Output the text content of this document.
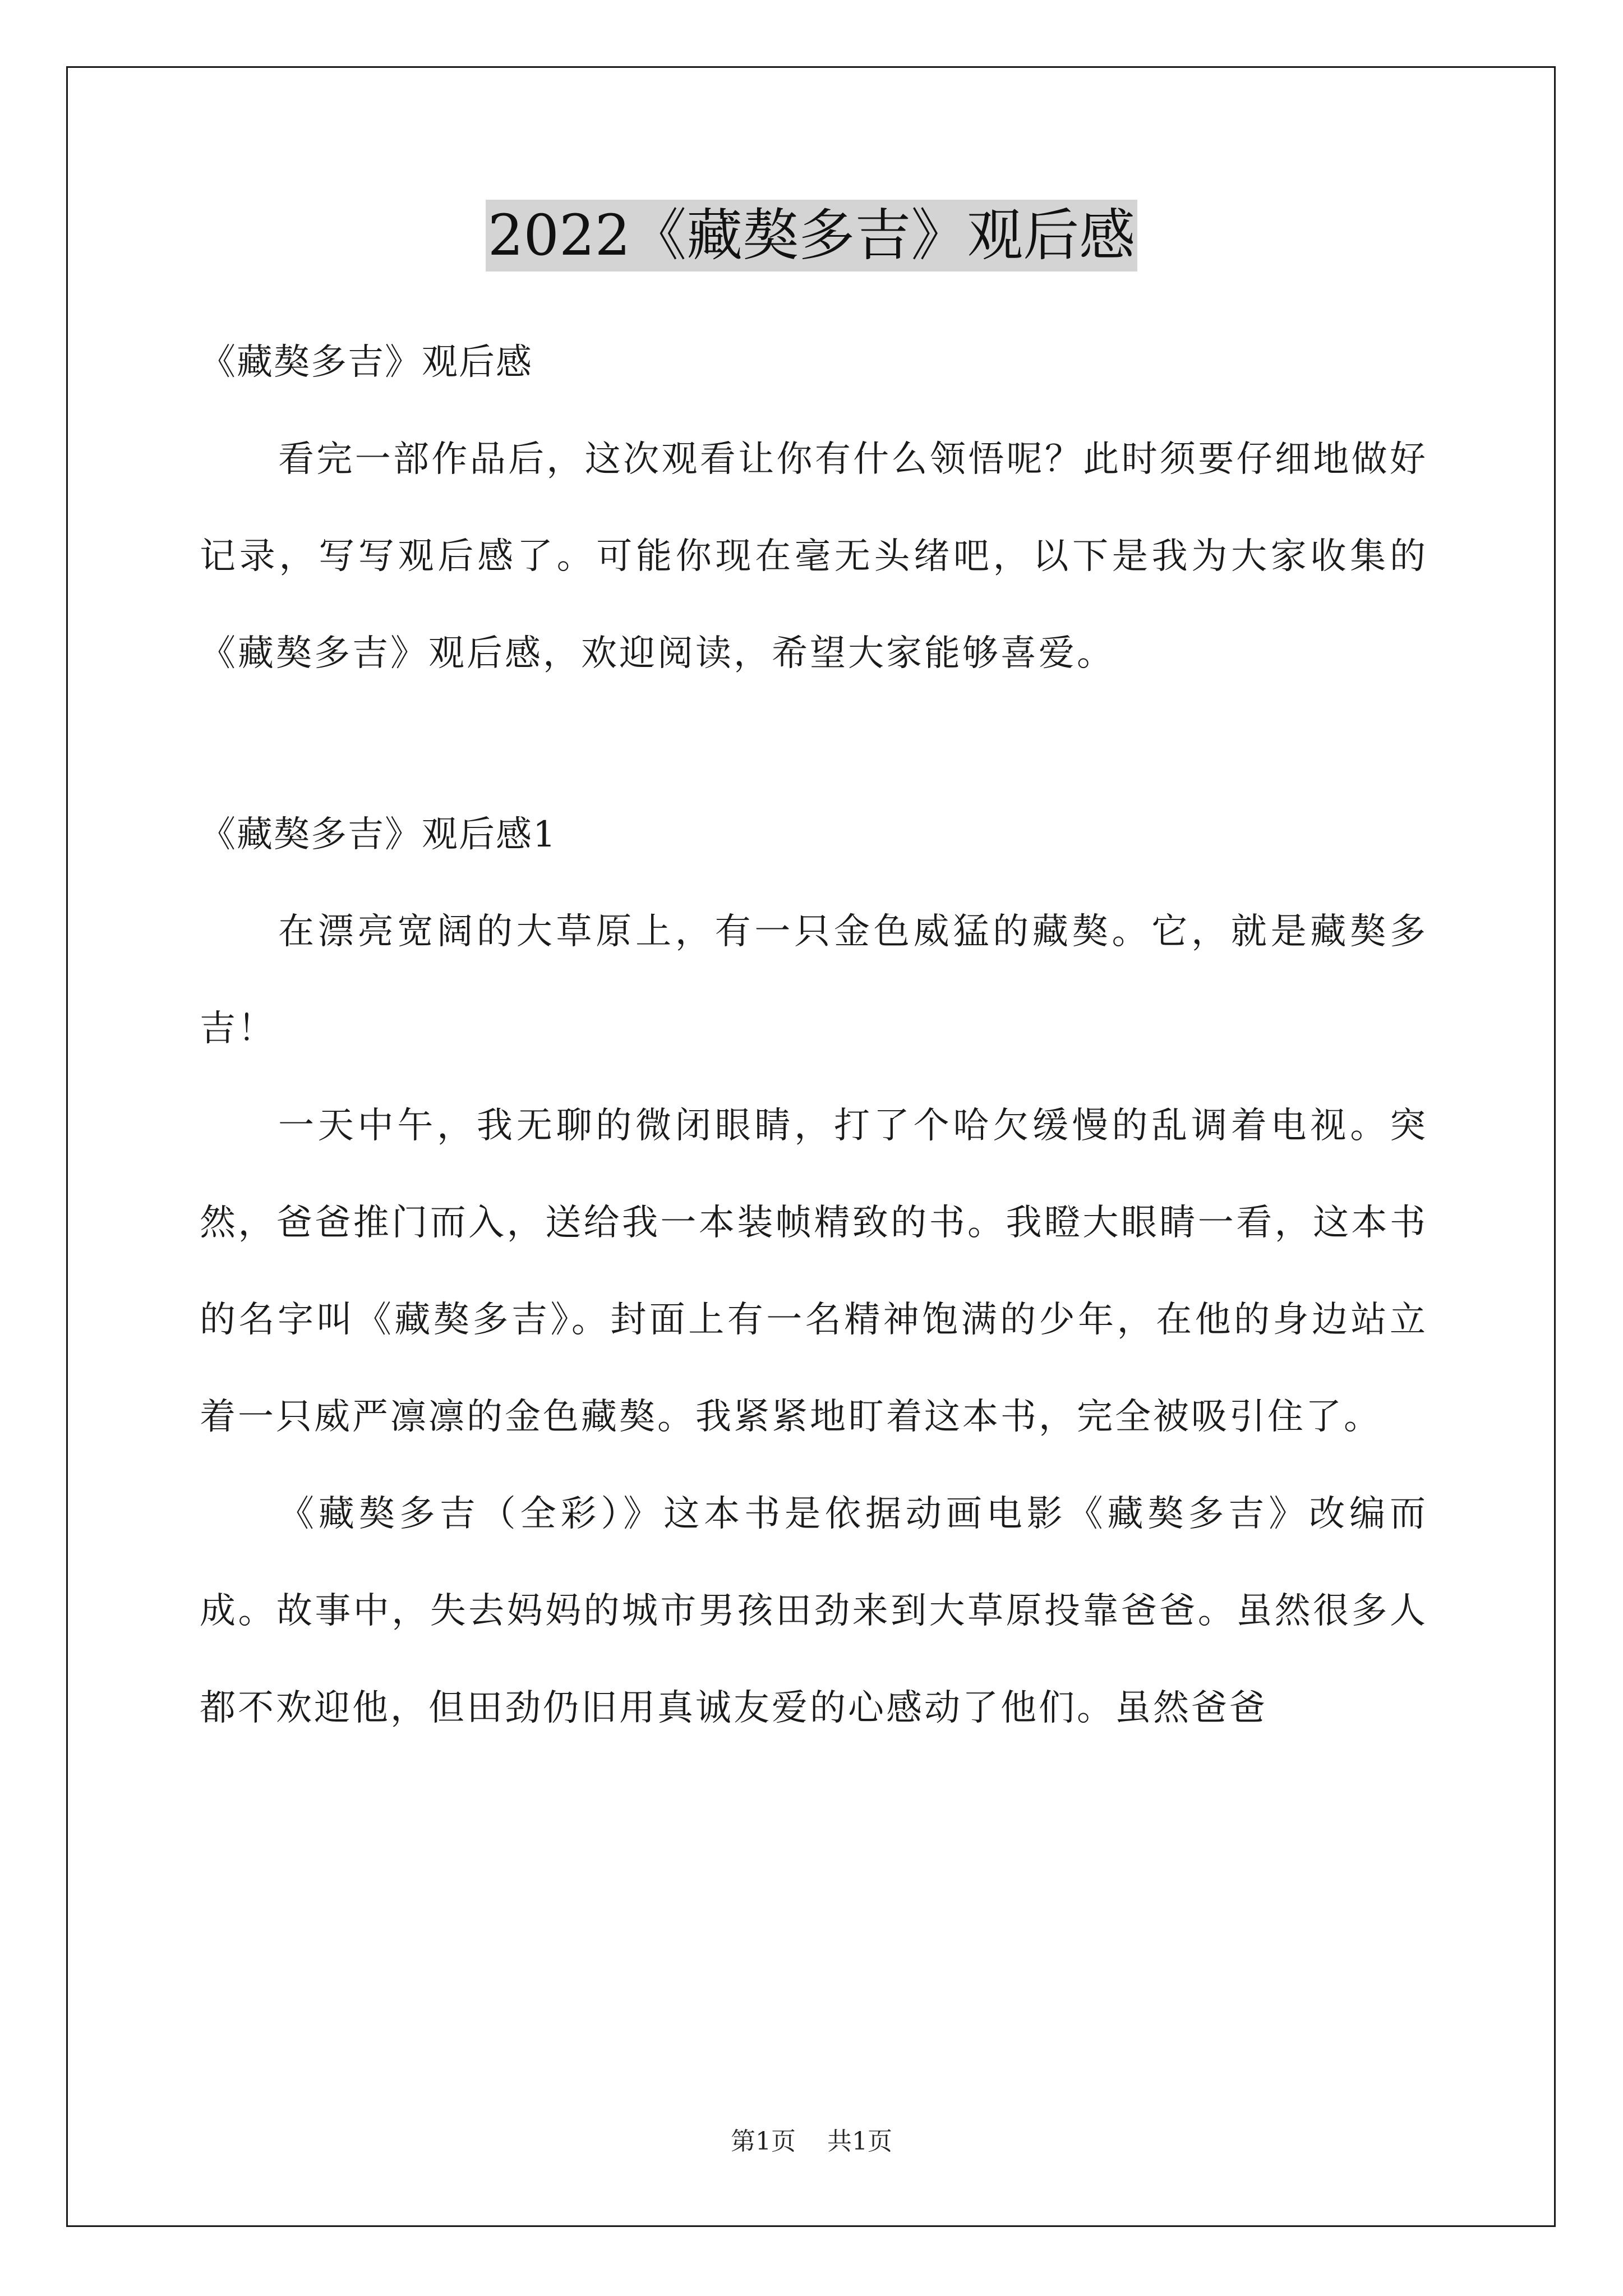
2022《藏獒多吉》观后感

《藏獒多吉》观后感

看完一部作品后，这次观看让你有什么领悟呢？此时须要仔细地做好记录，写写观后感了。可能你现在毫无头绪吧，以下是我为大家收集的《藏獒多吉》观后感，欢迎阅读，希望大家能够喜爱。

《藏獒多吉》观后感1

在漂亮宽阔的大草原上，有一只金色威猛的藏獒。它，就是藏獒多吉！

一天中午，我无聊的微闭眼睛，打了个哈欠缓慢的乱调着电视。突然，爸爸推门而入，送给我一本装帧精致的书。我瞪大眼睛一看，这本书的名字叫《藏獒多吉》。封面上有一名精神饱满的少年，在他的身边站立着一只威严凛凛的金色藏獒。我紧紧地盯着这本书，完全被吸引住了。

《藏獒多吉（全彩）》这本书是依据动画电影《藏獒多吉》改编而成。故事中，失去妈妈的城市男孩田劲来到大草原投靠爸爸。虽然很多人都不欢迎他，但田劲仍旧用真诚友爱的心感动了他们。虽然爸爸

第1页 共1页
